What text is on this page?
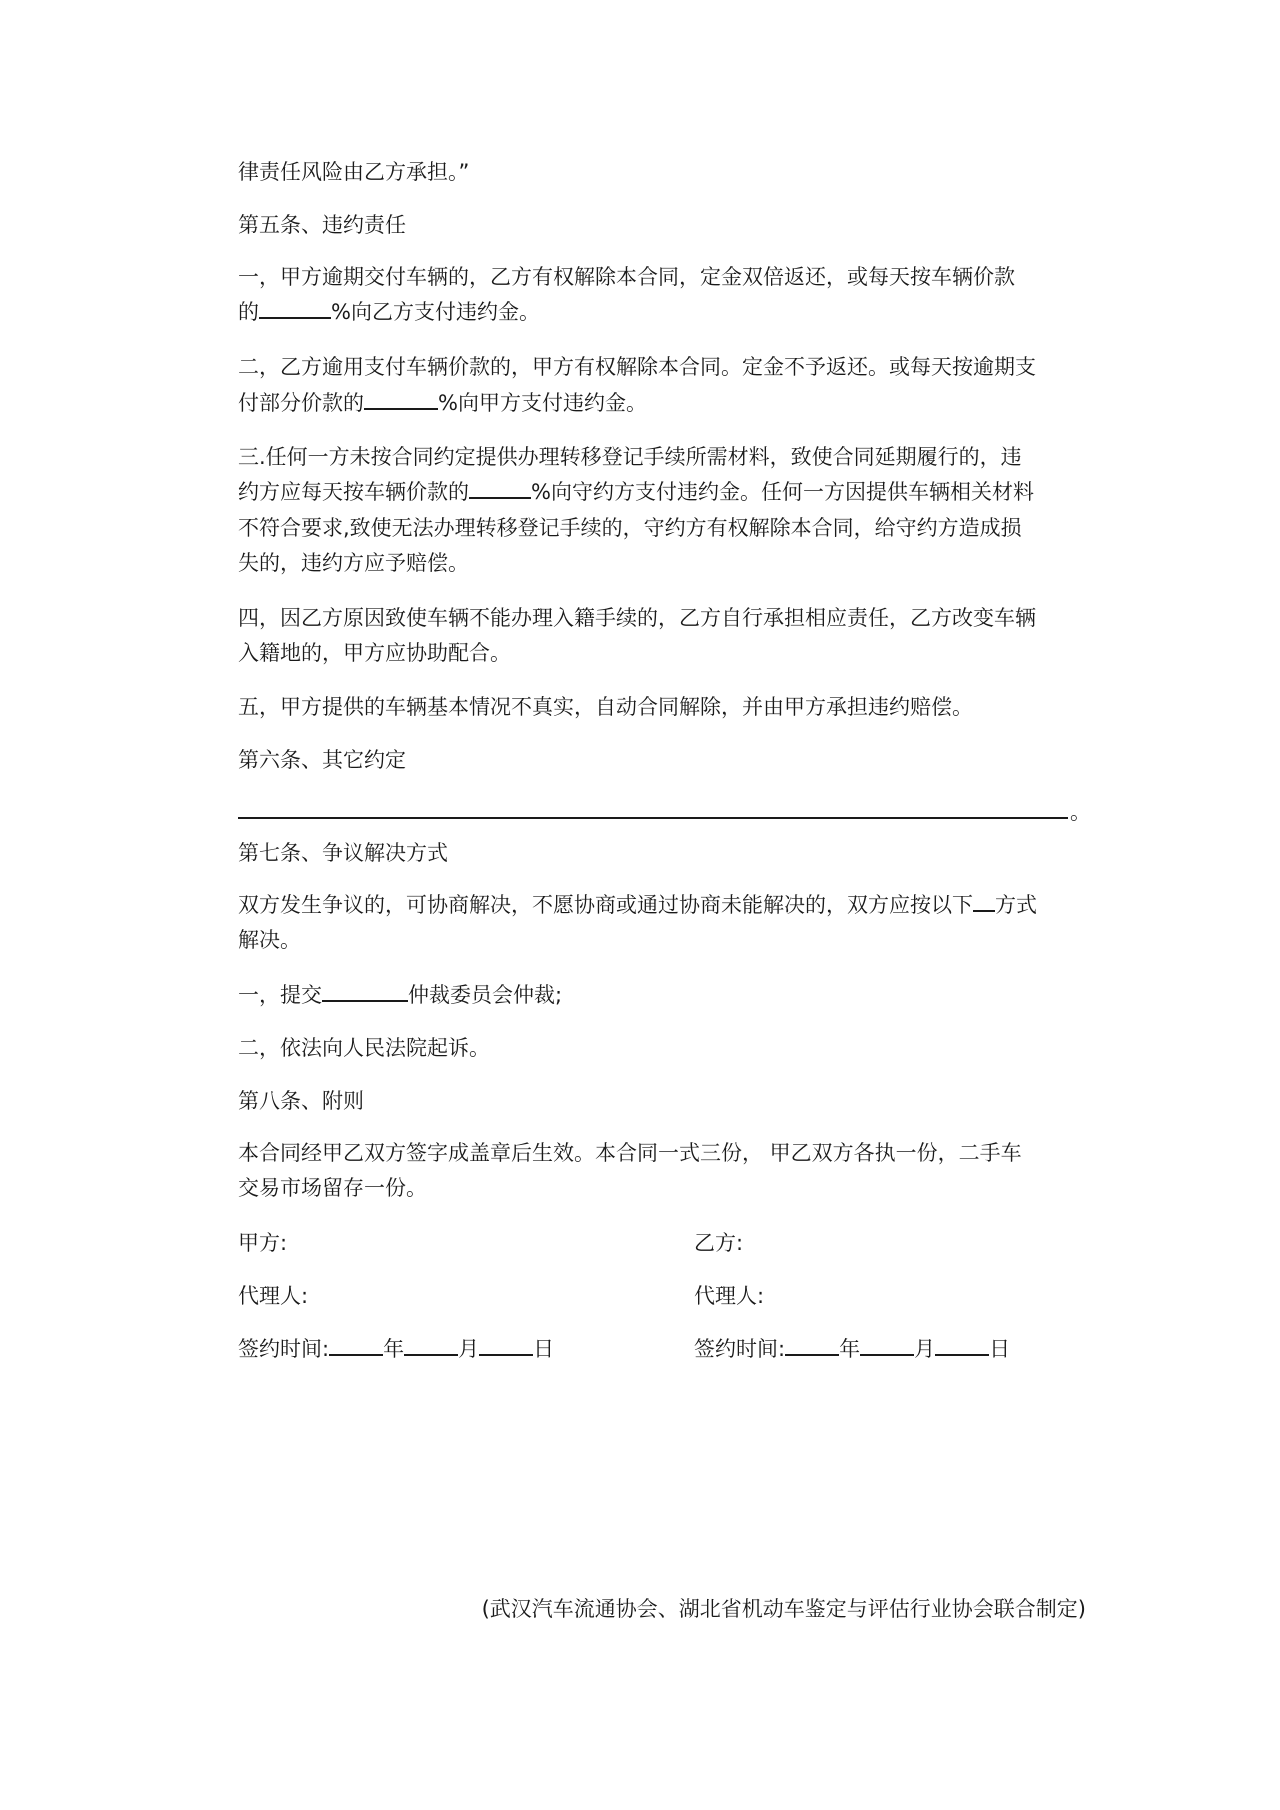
律责任风险由乙方承担。”
第五条、违约责任
一，甲方逾期交付车辆的，乙方有权解除本合同，定金双倍返还，或每天按车辆价款
的	%向乙方支付违约金。
二，乙方逾用支付车辆价款的，甲方有权解除本合同。定金不予返还。或每天按逾期支
付部分价款的	%向甲方支付违约金。
三.任何一方未按合同约定提供办理转移登记手续所需材料，致使合同延期履行的，违
约方应每天按车辆价款的	%向守约方支付违约金。任何一方因提供车辆相关材料
不符合要求,致使无法办理转移登记手续的，守约方有权解除本合同，给守约方造成损
失的，违约方应予赔偿。
四，因乙方原因致使车辆不能办理入籍手续的，乙方自行承担相应责任，乙方改变车辆
入籍地的，甲方应协助配合。
五，甲方提供的车辆基本情况不真实，自动合同解除，并由甲方承担违约赔偿。
第六条、其它约定
。
第七条、争议解决方式
双方发生争议的，可协商解决，不愿协商或通过协商未能解决的，双方应按以下 方式
解决。
一，提交	仲裁委员会仲裁;
二，依法向人民法院起诉。
第八条、附则
本合同经甲乙双方签字成盖章后生效。本合同一式三份， 甲乙双方各执一份，二手车
交易市场留存一份。
甲方:	乙方:
代理人:	代理人:
签约时间:	年	月	日	签约时间:	年	月	日
(武汉汽车流通协会、湖北省机动车鉴定与评估行业协会联合制定)
